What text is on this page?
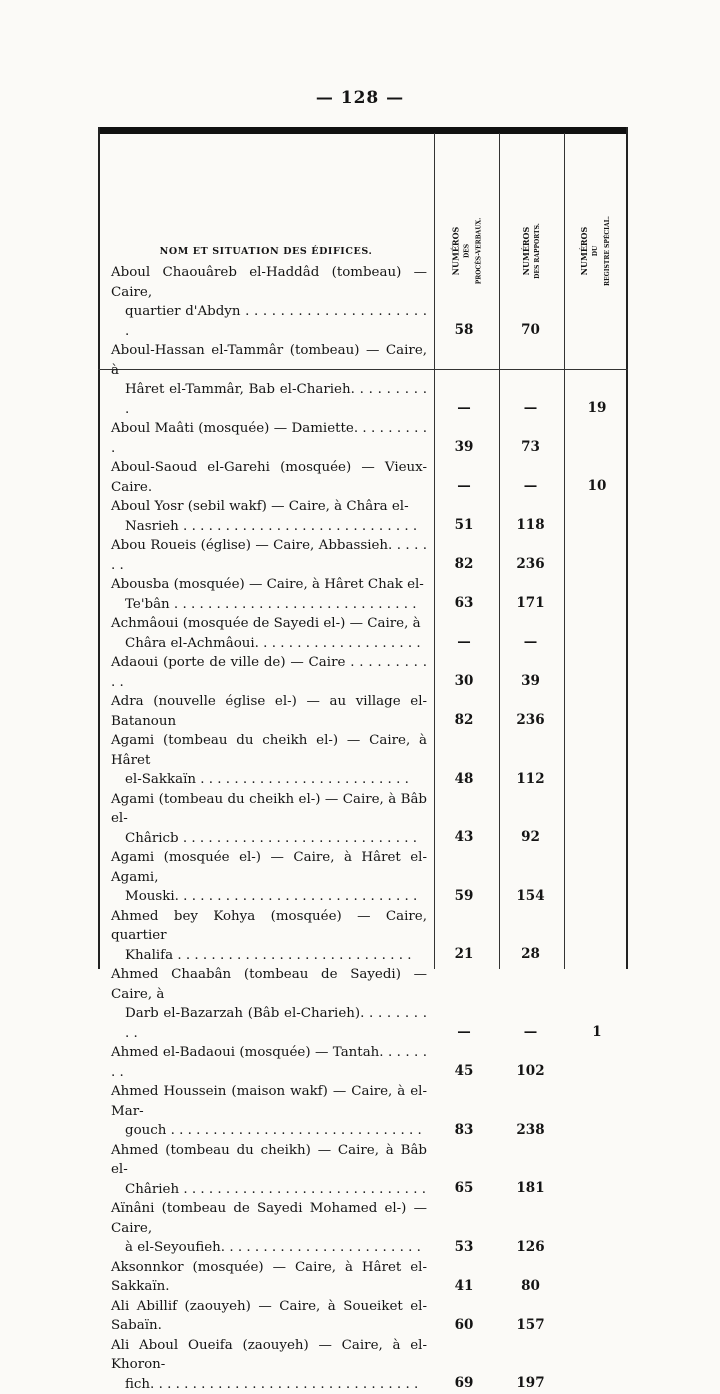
— 128 —
NOM ET SITUATION DES ÉDIFICES.	NUMÉROS DES PROCÈS-VERBAUX.	NUMÉROS DES RAPPORTS.	NUMÉROS DU REGISTRE SPÉCIAL.
Aboul Chaouâreb el-Haddâd (tombeau) — Caire,
quartier d'Abdyn . . . . . . . . . . . . . . . . . . . . . .	58	70
Aboul-Hassan el-Tammâr (tombeau) — Caire, à
Hâret el-Tammâr, Bab el-Charieh. . . . . . . . . .	—	—	19
Aboul Maâti (mosquée) — Damiette. . . . . . . . . .	39	73
Aboul-Saoud el-Garehi (mosquée) — Vieux-Caire.	—	—	10
Aboul Yosr (sebil wakf) — Caire, à Châra el-
Nasrieh . . . . . . . . . . . . . . . . . . . . . . . . . . . .	51	118
Abou Roueis (église) — Caire, Abbassieh. . . . . . .	82	236
Abousba (mosquée) — Caire, à Hâret Chak el-
Te'bân . . . . . . . . . . . . . . . . . . . . . . . . . . . . .	63	171
Achmâoui (mosquée de Sayedi el-) — Caire, à
Châra el-Achmâoui. . . . . . . . . . . . . . . . . . . .	—	—
Adaoui (porte de ville de) — Caire . . . . . . . . . . .	30	39
Adra (nouvelle église el-) — au village el-Batanoun	82	236
Agami (tombeau du cheikh el-) — Caire, à Hâret
el-Sakkaïn . . . . . . . . . . . . . . . . . . . . . . . . .	48	112
Agami (tombeau du cheikh el-) — Caire, à Bâb el-
Châricb . . . . . . . . . . . . . . . . . . . . . . . . . . . .	43	92
Agami (mosquée el-) — Caire, à Hâret el-Agami,
Mouski. . . . . . . . . . . . . . . . . . . . . . . . . . . . .	59	154
Ahmed bey Kohya (mosquée) — Caire, quartier
Khalifa . . . . . . . . . . . . . . . . . . . . . . . . . . . .	21	28
Ahmed Chaabân (tombeau de Sayedi) — Caire, à
Darb el-Bazarzah (Bâb el-Charieh). . . . . . . . . .	—	—	1
Ahmed el-Badaoui (mosquée) — Tantah. . . . . . . .	45	102
Ahmed Houssein (maison wakf) — Caire, à el-Mar-
gouch . . . . . . . . . . . . . . . . . . . . . . . . . . . . . .	83	238
Ahmed (tombeau du cheikh) — Caire, à Bâb el-
Chârieh . . . . . . . . . . . . . . . . . . . . . . . . . . . . .	65	181
Aïnâni (tombeau de Sayedi Mohamed el-) — Caire,
à el-Seyoufieh. . . . . . . . . . . . . . . . . . . . . . . .	53	126
Aksonnkor (mosquée) — Caire, à Hâret el-Sakkaïn.	41	80
Ali Abillif (zaouyeh) — Caire, à Soueiket el-Sabaïn.	60	157
Ali Aboul Oueifa (zaouyeh) — Caire, à el-Khoron-
fich. . . . . . . . . . . . . . . . . . . . . . . . . . . . . . . .	69	197
